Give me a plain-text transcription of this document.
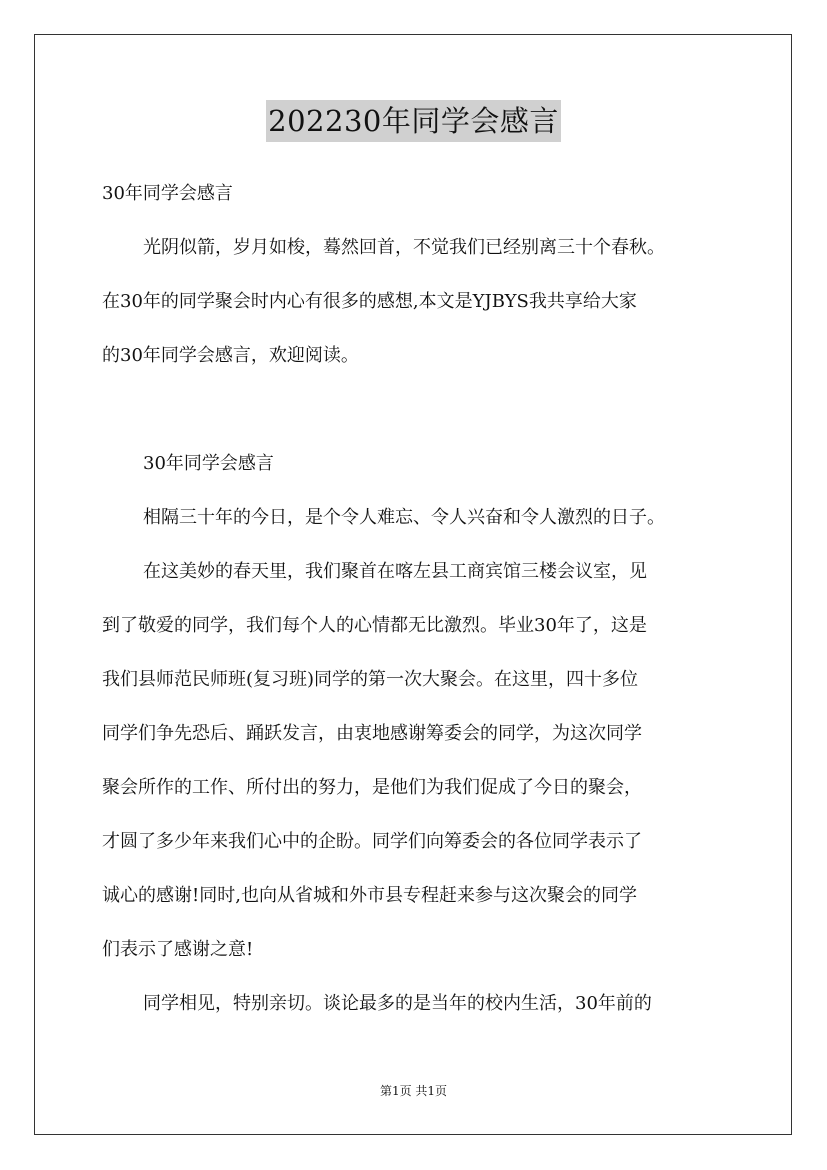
202230年同学会感言
30年同学会感言
光阴似箭，岁月如梭，蓦然回首，不觉我们已经别离三十个春秋。
在30年的同学聚会时内心有很多的感想,本文是YJBYS我共享给大家
的30年同学会感言，欢迎阅读。
30年同学会感言
相隔三十年的今日，是个令人难忘、令人兴奋和令人激烈的日子。
在这美妙的春天里，我们聚首在喀左县工商宾馆三楼会议室，见
到了敬爱的同学，我们每个人的心情都无比激烈。毕业30年了，这是
我们县师范民师班(复习班)同学的第一次大聚会。在这里，四十多位
同学们争先恐后、踊跃发言，由衷地感谢筹委会的同学，为这次同学
聚会所作的工作、所付出的努力，是他们为我们促成了今日的聚会，
才圆了多少年来我们心中的企盼。同学们向筹委会的各位同学表示了
诚心的感谢!同时,也向从省城和外市县专程赶来参与这次聚会的同学
们表示了感谢之意!
同学相见，特别亲切。谈论最多的是当年的校内生活，30年前的
第1页 共1页
